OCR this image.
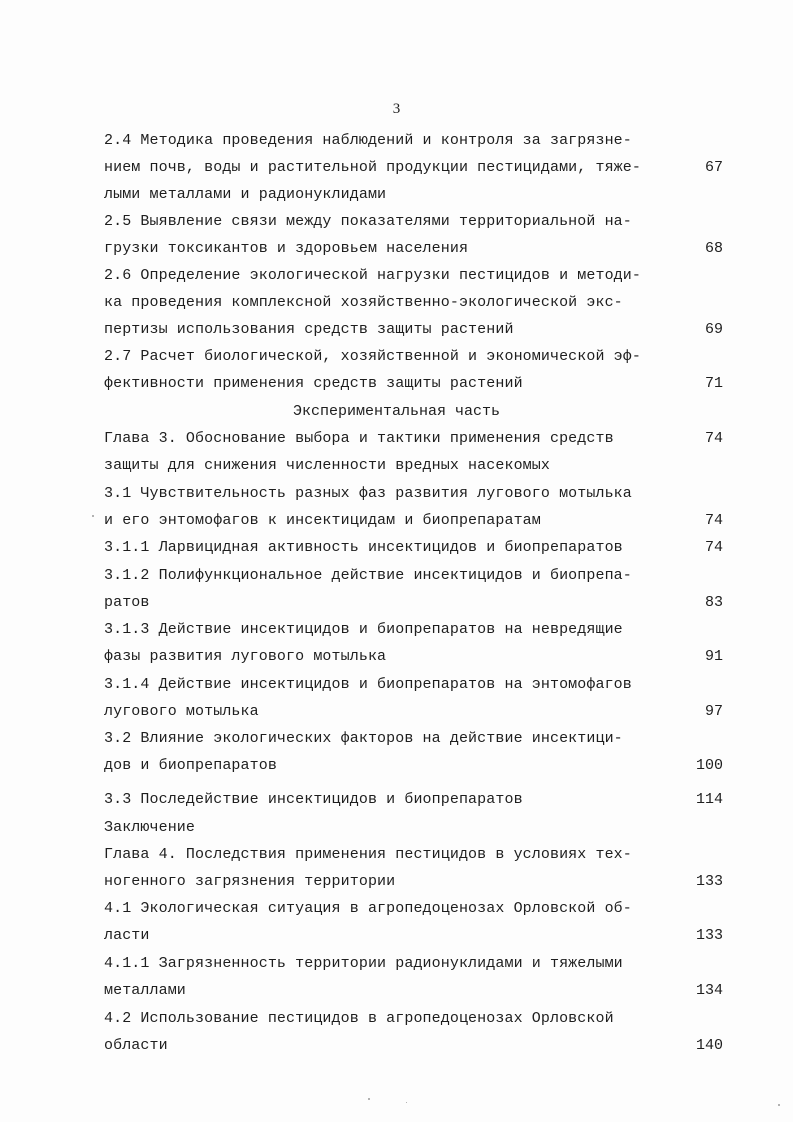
3
2.4 Методика проведения наблюдений и контроля за загрязне-
нием почв, воды и растительной продукции пестицидами, тяже-	67
лыми металлами и радионуклидами
2.5 Выявление связи между показателями территориальной на-
грузки токсикантов и здоровьем населения	68
2.6 Определение экологической нагрузки пестицидов и методи-
ка проведения комплексной хозяйственно-экологической экс-
пертизы использования средств защиты растений	69
2.7 Расчет биологической, хозяйственной и экономической эф-
фективности применения средств защиты растений	71
Экспериментальная часть
Глава 3. Обоснование выбора и тактики применения средств	74
защиты для снижения численности вредных насекомых
3.1 Чувствительность разных фаз развития лугового мотылька
и его энтомофагов к инсектицидам и биопрепаратам	74
3.1.1 Ларвицидная активность инсектицидов и биопрепаратов	74
3.1.2 Полифункциональное действие инсектицидов и биопрепа-
ратов	83
3.1.3 Действие инсектицидов и биопрепаратов на невредящие
фазы развития лугового мотылька	91
3.1.4 Действие инсектицидов и биопрепаратов на энтомофагов
лугового мотылька	97
3.2 Влияние экологических факторов на действие инсектици-
дов и биопрепаратов	100
3.3 Последействие инсектицидов и биопрепаратов	114
Заключение
Глава 4. Последствия применения пестицидов в условиях тех-
ногенного загрязнения территории	133
4.1 Экологическая ситуация в агропедоценозах Орловской об-
ласти	133
4.1.1 Загрязненность территории радионуклидами и тяжелыми
металлами	134
4.2 Использование пестицидов в агропедоценозах Орловской
области	140
